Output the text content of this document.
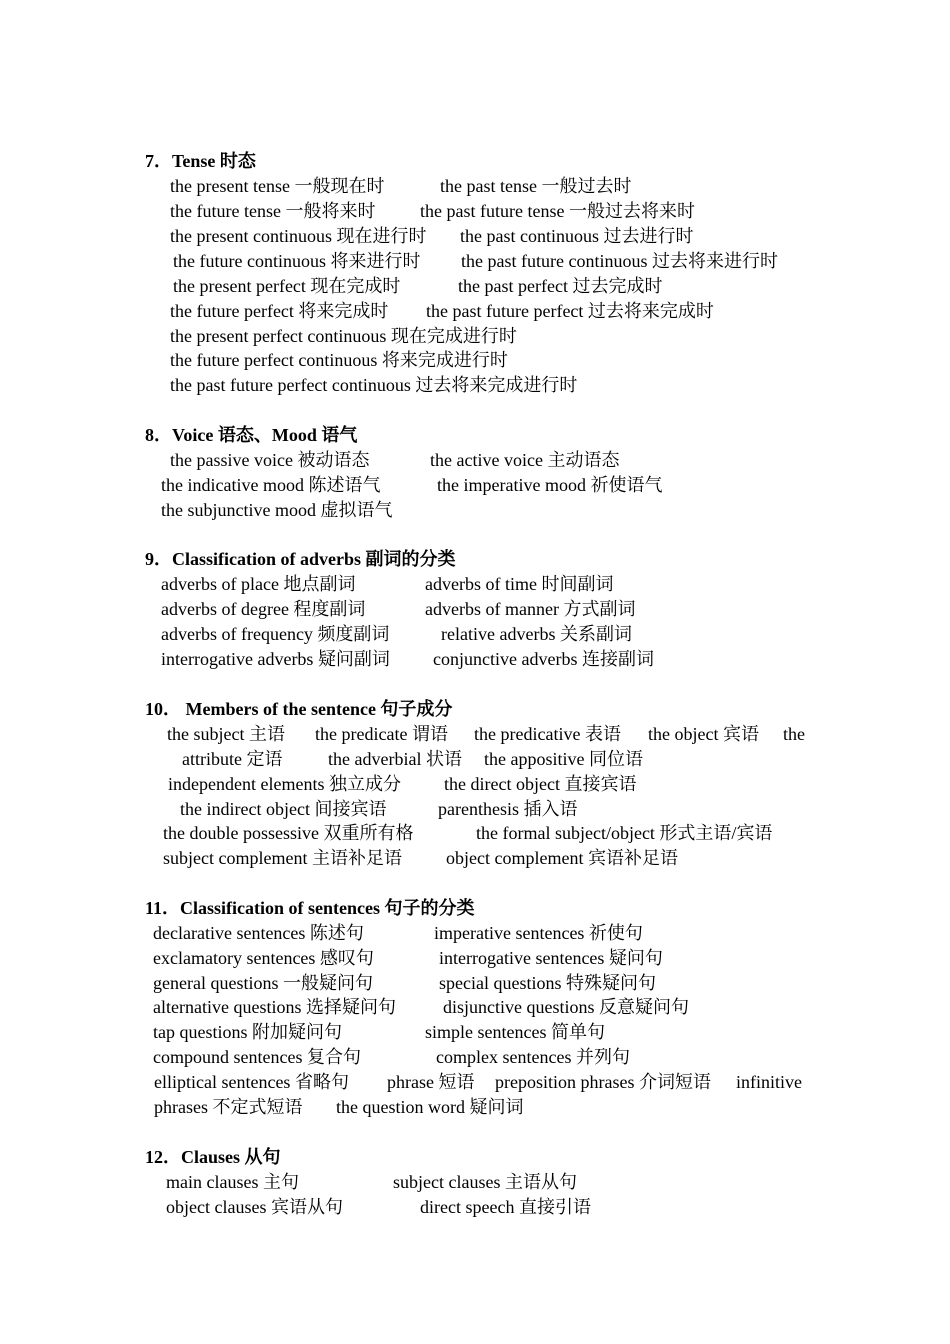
7．Tense 时态
the present tense 一般现在时	the past tense 一般过去时
the future tense 一般将来时 the past future tense 一般过去将来时
the present continuous 现在进行时 the past continuous 过去进行时
the future continuous 将来进行时 the past future continuous 过去将来进行时
the present perfect 现在完成时	the past perfect 过去完成时
the future perfect 将来完成时 the past future perfect 过去将来完成时
the present perfect continuous 现在完成进行时
the future perfect continuous 将来完成进行时
the past future perfect continuous 过去将来完成进行时
8．Voice 语态、Mood 语气
the passive voice 被动语态	the active voice 主动语态
the indicative mood 陈述语气	the imperative mood 祈使语气
the subjunctive mood 虚拟语气
9．Classification of adverbs 副词的分类
adverbs of place 地点副词	adverbs of time 时间副词
adverbs of degree 程度副词	adverbs of manner 方式副词
adverbs of frequency 频度副词	relative adverbs 关系副词
interrogative adverbs 疑问副词 conjunctive adverbs 连接副词
10． Members of the sentence 句子成分
the subject 主语 the predicate 谓语 the predicative 表语 the object 宾语 the
attribute 定语	the adverbial 状语 the appositive 同位语
independent elements 独立成分 the direct object 直接宾语
the indirect object 间接宾语	parenthesis 插入语
the double possessive 双重所有格	the formal subject/object 形式主语/宾语
subject complement 主语补足语 object complement 宾语补足语
11．Classification of sentences 句子的分类
declarative sentences 陈述句	imperative sentences 祈使句
exclamatory sentences 感叹句	interrogative sentences 疑问句
general questions 一般疑问句	special questions 特殊疑问句
alternative questions 选择疑问句	disjunctive questions 反意疑问句
tap questions 附加疑问句	simple sentences 简单句
compound sentences 复合句	complex sentences 并列句
elliptical sentences 省略句 phrase 短语 preposition phrases 介词短语 infinitive
phrases 不定式短语 the question word 疑问词
12．Clauses 从句
main clauses 主句	subject clauses 主语从句
object clauses 宾语从句	direct speech 直接引语
